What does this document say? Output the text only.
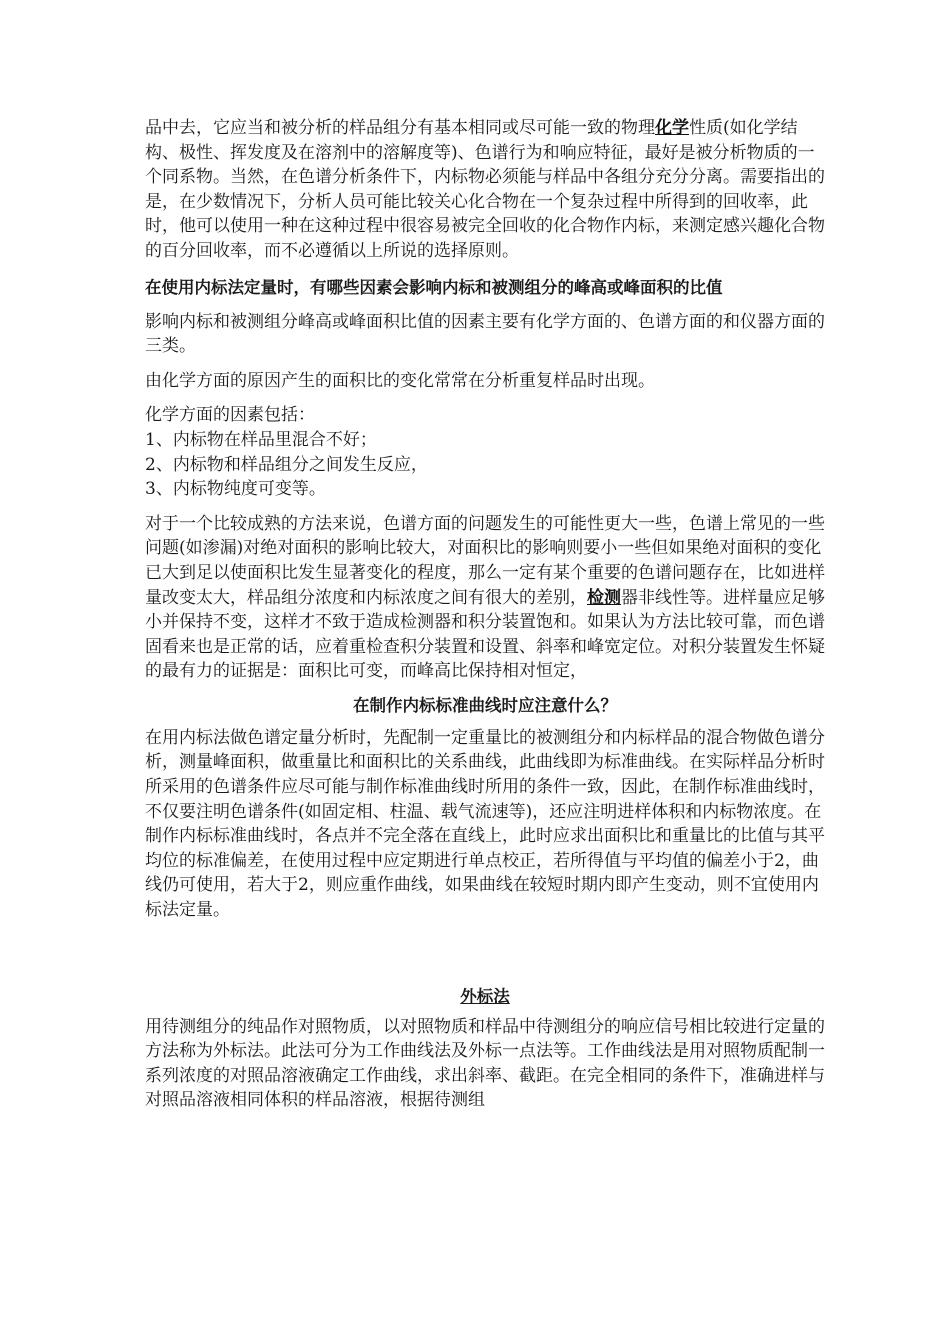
品中去，它应当和被分析的样品组分有基本相同或尽可能一致的物理化学性质(如化学结构、极性、挥发度及在溶剂中的溶解度等)、色谱行为和响应特征，最好是被分析物质的一个同系物。当然，在色谱分析条件下，内标物必须能与样品中各组分充分分离。需要指出的是，在少数情况下，分析人员可能比较关心化合物在一个复杂过程中所得到的回收率，此时，他可以使用一种在这种过程中很容易被完全回收的化合物作内标，来测定感兴趣化合物的百分回收率，而不必遵循以上所说的选择原则。

在使用内标法定量时，有哪些因素会影响内标和被测组分的峰高或峰面积的比值

影响内标和被测组分峰高或峰面积比值的因素主要有化学方面的、色谱方面的和仪器方面的三类。

由化学方面的原因产生的面积比的变化常常在分析重复样品时出现。

化学方面的因素包括：
1、内标物在样品里混合不好；
2、内标物和样品组分之间发生反应，
3、内标物纯度可变等。

对于一个比较成熟的方法来说，色谱方面的问题发生的可能性更大一些，色谱上常见的一些问题(如渗漏)对绝对面积的影响比较大，对面积比的影响则要小一些但如果绝对面积的变化已大到足以使面积比发生显著变化的程度，那么一定有某个重要的色谱问题存在，比如进样量改变太大，样品组分浓度和内标浓度之间有很大的差别，检测器非线性等。进样量应足够小并保持不变，这样才不致于造成检测器和积分装置饱和。如果认为方法比较可靠，而色谱固看来也是正常的话，应着重检查积分装置和设置、斜率和峰宽定位。对积分装置发生怀疑的最有力的证据是：面积比可变，而峰高比保持相对恒定，

在制作内标标准曲线时应注意什么？

在用内标法做色谱定量分析时，先配制一定重量比的被测组分和内标样品的混合物做色谱分析，测量峰面积，做重量比和面积比的关系曲线，此曲线即为标准曲线。在实际样品分析时所采用的色谱条件应尽可能与制作标准曲线时所用的条件一致，因此，在制作标准曲线时，不仅要注明色谱条件(如固定相、柱温、载气流速等)，还应注明进样体积和内标物浓度。在制作内标标准曲线时，各点并不完全落在直线上，此时应求出面积比和重量比的比值与其平均位的标准偏差，在使用过程中应定期进行单点校正，若所得值与平均值的偏差小于2，曲线仍可使用，若大于2，则应重作曲线，如果曲线在较短时期内即产生变动，则不宜使用内标法定量。

外标法

用待测组分的纯品作对照物质，以对照物质和样品中待测组分的响应信号相比较进行定量的方法称为外标法。此法可分为工作曲线法及外标一点法等。工作曲线法是用对照物质配制一系列浓度的对照品溶液确定工作曲线，求出斜率、截距。在完全相同的条件下，准确进样与对照品溶液相同体积的样品溶液，根据待测组
